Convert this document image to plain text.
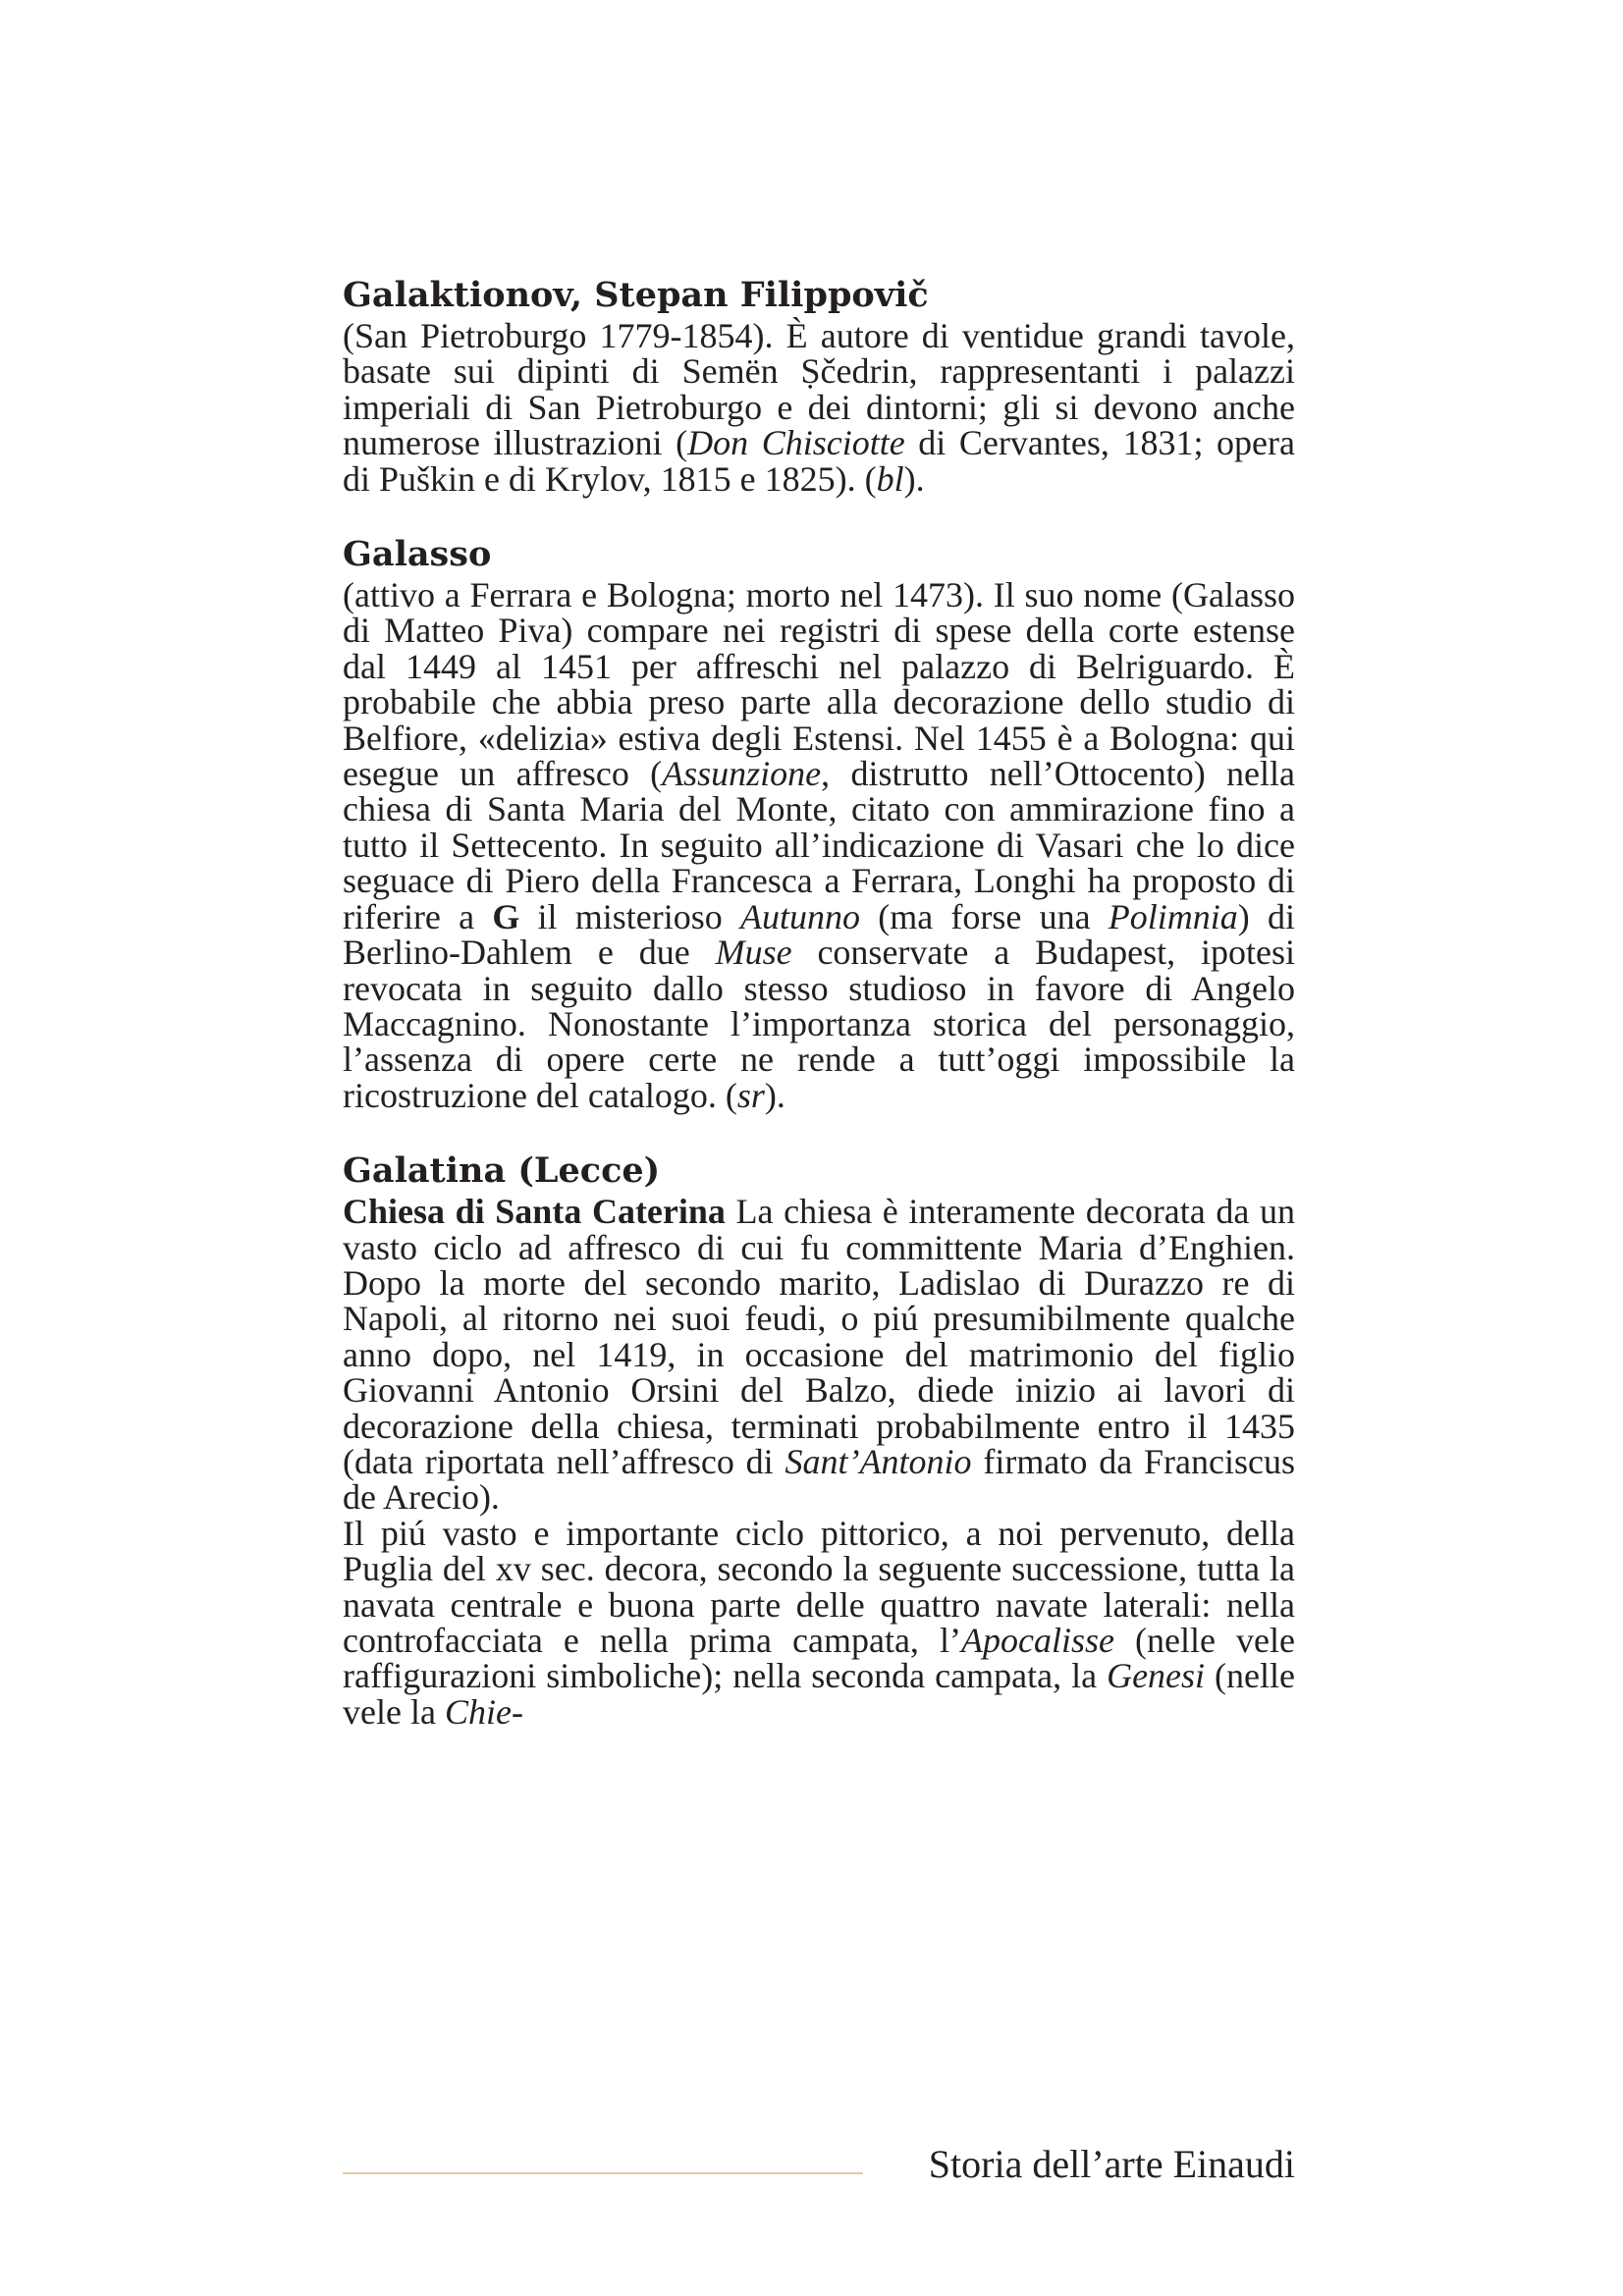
Galaktionov, Stepan Filippovič

(San Pietroburgo 1779-1854). È autore di ventidue grandi tavole, basate sui dipinti di Semën Ṣčedrin, rappresentanti i palazzi imperiali di San Pietroburgo e dei dintorni; gli si devono anche numerose illustrazioni (Don Chisciotte di Cervantes, 1831; opera di Puškin e di Krylov, 1815 e 1825). (bl).

Galasso

(attivo a Ferrara e Bologna; morto nel 1473). Il suo nome (Galasso di Matteo Piva) compare nei registri di spese della corte estense dal 1449 al 1451 per affreschi nel palazzo di Belriguardo. È probabile che abbia preso parte alla decorazione dello studio di Belfiore, «delizia» estiva degli Estensi. Nel 1455 è a Bologna: qui esegue un affresco (Assunzione, distrutto nell’Ottocento) nella chiesa di Santa Maria del Monte, citato con ammirazione fino a tutto il Settecento. In seguito all’indicazione di Vasari che lo dice seguace di Piero della Francesca a Ferrara, Longhi ha proposto di riferire a G il misterioso Autunno (ma forse una Polimnia) di Berlino-Dahlem e due Muse conservate a Budapest, ipotesi revocata in seguito dallo stesso studioso in favore di Angelo Maccagnino. Nonostante l’importanza storica del personaggio, l’assenza di opere certe ne rende a tutt’oggi impossibile la ricostruzione del catalogo. (sr).

Galatina (Lecce)

Chiesa di Santa Caterina La chiesa è interamente decorata da un vasto ciclo ad affresco di cui fu committente Maria d’Enghien. Dopo la morte del secondo marito, Ladislao di Durazzo re di Napoli, al ritorno nei suoi feudi, o piú presumibilmente qualche anno dopo, nel 1419, in occasione del matrimonio del figlio Giovanni Antonio Orsini del Balzo, diede inizio ai lavori di decorazione della chiesa, terminati probabilmente entro il 1435 (data riportata nell’affresco di Sant’Antonio firmato da Franciscus de Arecio).

Il piú vasto e importante ciclo pittorico, a noi pervenuto, della Puglia del xv sec. decora, secondo la seguente successione, tutta la navata centrale e buona parte delle quattro navate laterali: nella controfacciata e nella prima campata, l’Apocalisse (nelle vele raffigurazioni simboliche); nella seconda campata, la Genesi (nelle vele la Chie-

Storia dell’arte Einaudi
